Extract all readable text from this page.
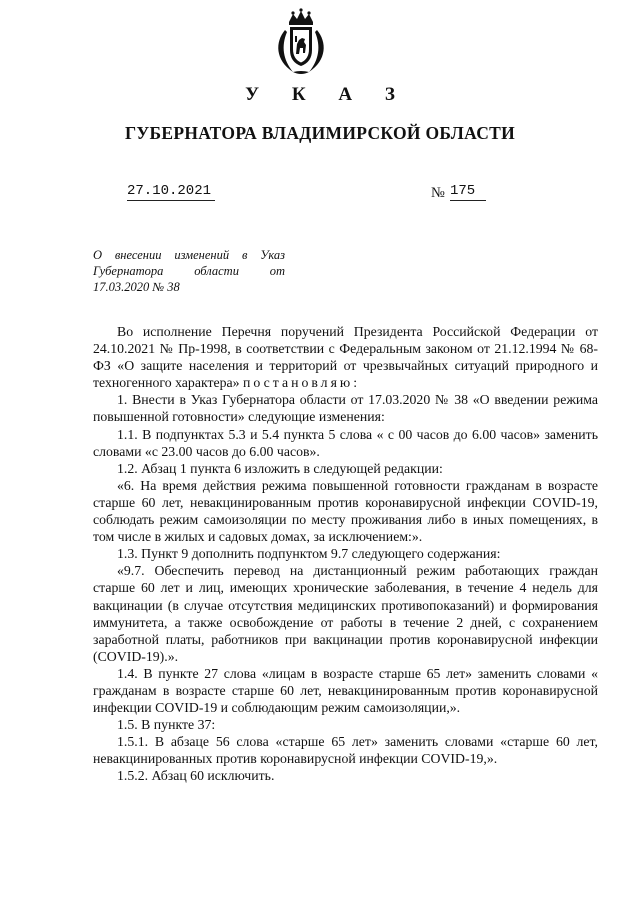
У К А З
ГУБЕРНАТОРА ВЛАДИМИРСКОЙ ОБЛАСТИ
27.10.2021	№ 175
О внесении изменений в Указ Губернатора области от 17.03.2020 № 38

Во исполнение Перечня поручений Президента Российской Федерации от 24.10.2021 № Пр-1998, в соответствии с Федеральным законом от 21.12.1994 № 68-ФЗ «О защите населения и территорий от чрезвычайных ситуаций природного и техногенного характера» постановляю:

1. Внести в Указ Губернатора области от 17.03.2020 № 38 «О введении режима повышенной готовности» следующие изменения:

1.1. В подпунктах 5.3 и 5.4 пункта 5 слова « с 00 часов до 6.00 часов» заменить словами «с 23.00 часов до 6.00 часов».

1.2. Абзац 1 пункта 6 изложить в следующей редакции:

«6. На время действия режима повышенной готовности гражданам в возрасте старше 60 лет, невакцинированным против коронавирусной инфекции COVID-19, соблюдать режим самоизоляции по месту проживания либо в иных помещениях, в том числе в жилых и садовых домах, за исключением:».

1.3. Пункт 9 дополнить подпунктом 9.7 следующего содержания:

«9.7. Обеспечить перевод на дистанционный режим работающих граждан старше 60 лет и лиц, имеющих хронические заболевания, в течение 4 недель для вакцинации (в случае отсутствия медицинских противопоказаний) и формирования иммунитета, а также освобождение от работы в течение 2 дней, с сохранением заработной платы, работников при вакцинации против коронавирусной инфекции (COVID-19).».

1.4. В пункте 27 слова «лицам в возрасте старше 65 лет» заменить словами « гражданам в возрасте старше 60 лет, невакцинированным против коронавирусной инфекции COVID-19 и соблюдающим режим самоизоляции,».

1.5. В пункте 37:

1.5.1. В абзаце 56 слова «старше 65 лет» заменить словами «старше 60 лет, невакцинированных против коронавирусной инфекции COVID-19,».

1.5.2. Абзац 60 исключить.
